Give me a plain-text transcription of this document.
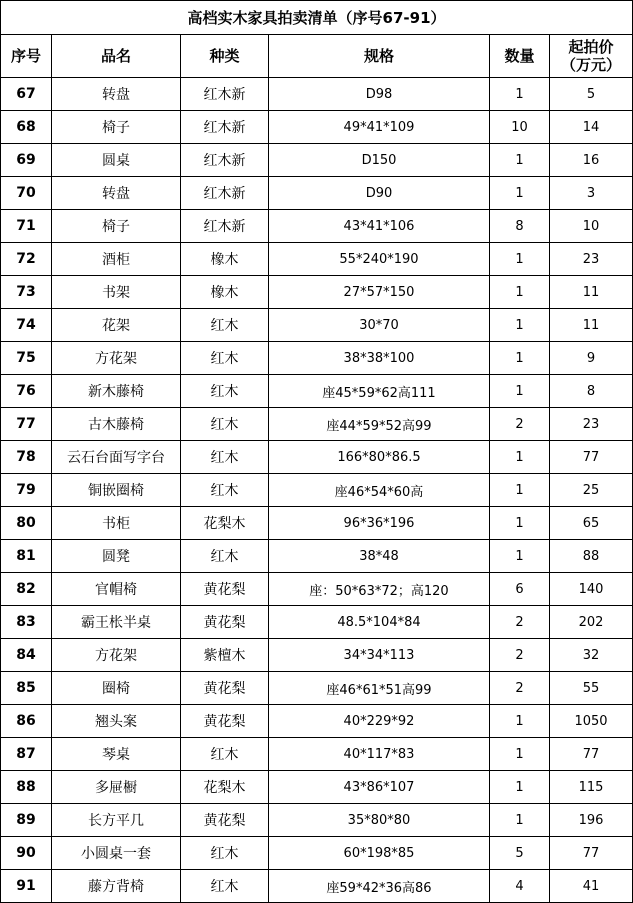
高档实木家具拍卖清单（序号67-91）					
序号	品名	种类	规格	数量	起拍价
（万元）
67	转盘	红木新	D98	1	5
68	椅子	红木新	49*41*109	10	14
69	圆桌	红木新	D150	1	16
70	转盘	红木新	D90	1	3
71	椅子	红木新	43*41*106	8	10
72	酒柜	橡木	55*240*190	1	23
73	书架	橡木	27*57*150	1	11
74	花架	红木	30*70	1	11
75	方花架	红木	38*38*100	1	9
76	新木藤椅	红木	座45*59*62高111	1	8
77	古木藤椅	红木	座44*59*52高99	2	23
78	云石台面写字台	红木	166*80*86.5	1	77
79	铜嵌圈椅	红木	座46*54*60高	1	25
80	书柜	花梨木	96*36*196	1	65
81	圆凳	红木	38*48	1	88
82	官帽椅	黄花梨	座：50*63*72；高120	6	140
83	霸王枨半桌	黄花梨	48.5*104*84	2	202
84	方花架	紫檀木	34*34*113	2	32
85	圈椅	黄花梨	座46*61*51高99	2	55
86	翘头案	黄花梨	40*229*92	1	1050
87	琴桌	红木	40*117*83	1	77
88	多屉橱	花梨木	43*86*107	1	115
89	长方平几	黄花梨	35*80*80	1	196
90	小圆桌一套	红木	60*198*85	5	77
91	藤方背椅	红木	座59*42*36高86	4	41
